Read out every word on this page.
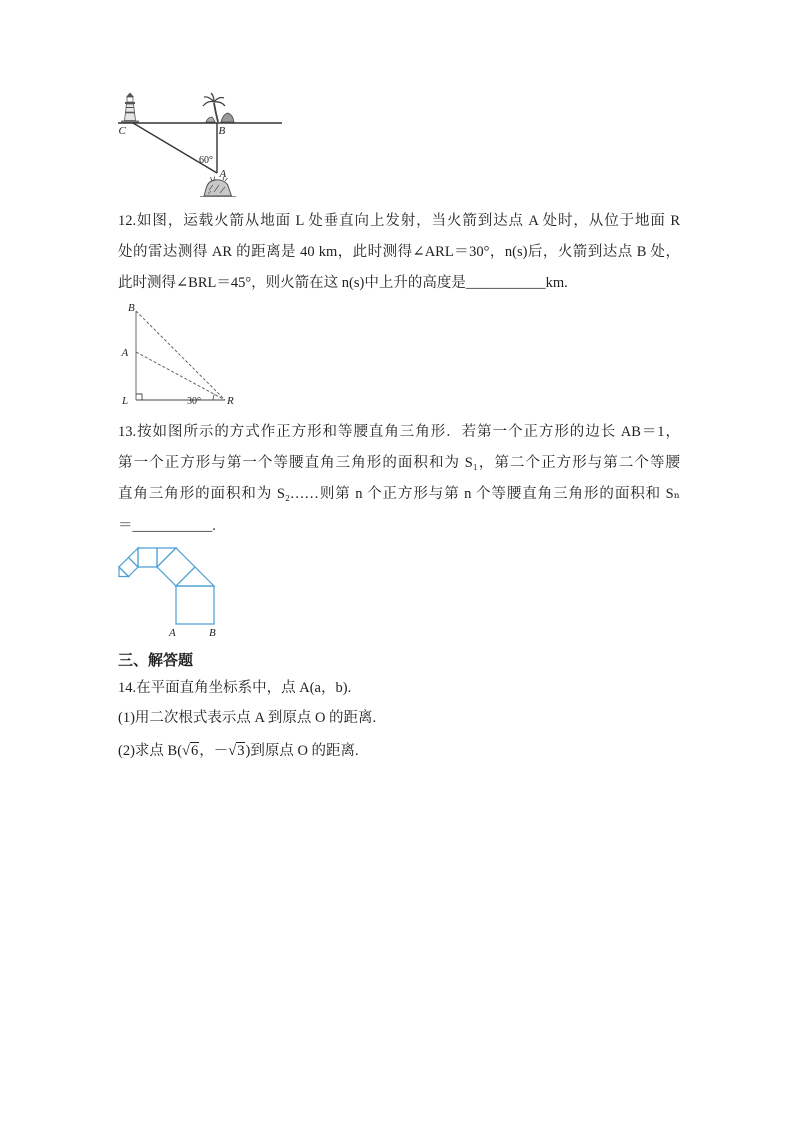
C	B
A
60°
12.如图，运载火箭从地面 L 处垂直向上发射，当火箭到达点 A 处时，从位于地面 R
处的雷达测得 AR 的距离是 40 km，此时测得∠ARL＝30°，n(s)后，火箭到达点 B 处，
此时测得∠BRL＝45°，则火箭在这 n(s)中上升的高度是___________km.
B
A
L	R
30°
13.按如图所示的方式作正方形和等腰直角三角形．若第一个正方形的边长 AB＝1，
第一个正方形与第一个等腰直角三角形的面积和为 S₁，第二个正方形与第二个等腰
直角三角形的面积和为 S₂……则第 n 个正方形与第 n 个等腰直角三角形的面积和 Sₙ
＝___________.
A	B
三、解答题
14.在平面直角坐标系中，点 A(a，b).
(1)用二次根式表示点 A 到原点 O 的距离.
(2)求点 B(√6，－√3)到原点 O 的距离.
